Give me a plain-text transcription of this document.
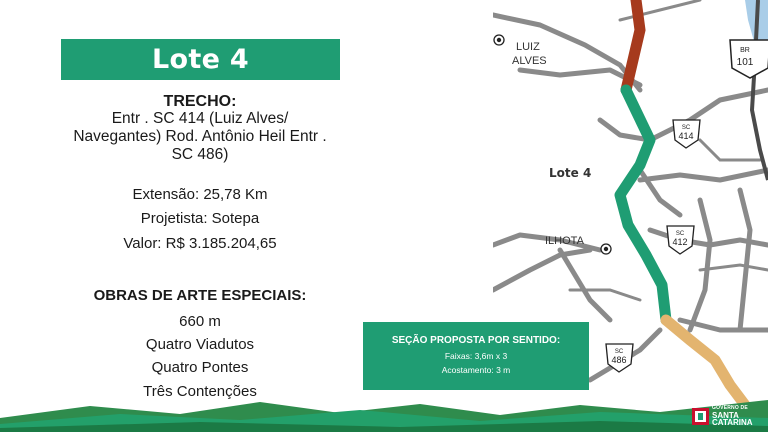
Lote 4
TRECHO:
Entr . SC 414 (Luiz Alves/
Navegantes) Rod. Antônio Heil Entr .
SC 486)
Extensão: 25,78 Km
Projetista: Sotepa
Valor: R$ 3.185.204,65
OBRAS DE ARTE ESPECIAIS:
660 m
Quatro Viadutos
Quatro Pontes
Três Contenções
LUIZ
ALVES
ILHOTA
Lote 4
BR
101
SC
414
SC
412
SC
486
SEÇÃO PROPOSTA POR SENTIDO:
Faixas: 3,6m x 3
Acostamento: 3 m
GOVERNO DE
SANTA
CATARINA
